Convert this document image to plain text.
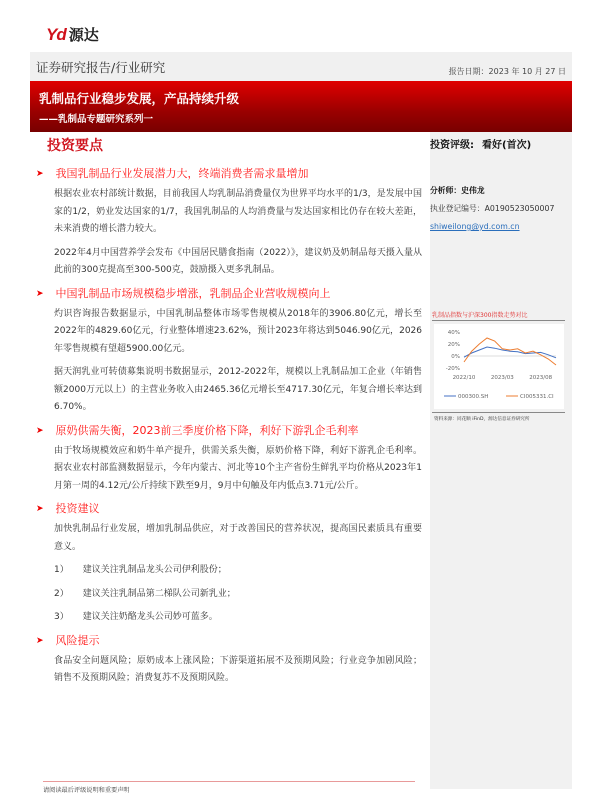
Yd 源达
证券研究报告/行业研究	报告日期：2023 年 10 月 27 日
乳制品行业稳步发展，产品持续升级
——乳制品专题研究系列一
投资要点	投资评级: 看好(首次)
分析师：史伟龙
执业登记编号：A0190523050007
shiweilong@yd.com.cn
➤ 我国乳制品行业发展潜力大，终端消费者需求量增加
根据农业农村部统计数据，目前我国人均乳制品消费量仅为世界平均水平的1/3，是发展中国家的1/2，奶业发达国家的1/7，我国乳制品的人均消费量与发达国家相比仍存在较大差距，未来消费的增长潜力较大。
2022年4月中国营养学会发布《中国居民膳食指南（2022）》，建议奶及奶制品每天摄入量从此前的300克提高至300-500克，鼓励摄入更多乳制品。
➤ 中国乳制品市场规模稳步增涨，乳制品企业营收规模向上
灼识咨询报告数据显示，中国乳制品整体市场零售规模从2018年的3906.80亿元，增长至2022年的4829.60亿元，行业整体增速23.62%，预计2023年将达到5046.90亿元，2026年零售规模有望超5900.00亿元。
据天润乳业可转债募集说明书数据显示，2012-2022年，规模以上乳制品加工企业（年销售额2000万元以上）的主营业务收入由2465.36亿元增长至4717.30亿元，年复合增长率达到6.70%。
➤ 原奶供需失衡，2023前三季度价格下降，利好下游乳企毛利率
由于牧场规模效应和奶牛单产提升，供需关系失衡，原奶价格下降，利好下游乳企毛利率。据农业农村部监测数据显示，今年内蒙古、河北等10个主产省份生鲜乳平均价格从2023年1月第一周的4.12元/公斤持续下跌至9月，9月中旬触及年内低点3.71元/公斤。
➤ 投资建议
加快乳制品行业发展，增加乳制品供应，对于改善国民的营养状况，提高国民素质具有重要意义。
1） 建议关注乳制品龙头公司伊利股份；
2） 建议关注乳制品第二梯队公司新乳业；
3） 建议关注奶酪龙头公司妙可蓝多。
➤ 风险提示
食品安全问题风险；原奶成本上涨风险；下游渠道拓展不及预期风险；行业竞争加剧风险；销售不及预期风险；消费复苏不及预期风险。
乳制品指数与沪深300指数走势对比
40%
20%
0%
-20%
2022/10	2023/03	2023/08
000300.SH	CI005331.CI
资料来源：同花顺 iFinD，源达信息证券研究所
请阅读最后评级说明和重要声明
